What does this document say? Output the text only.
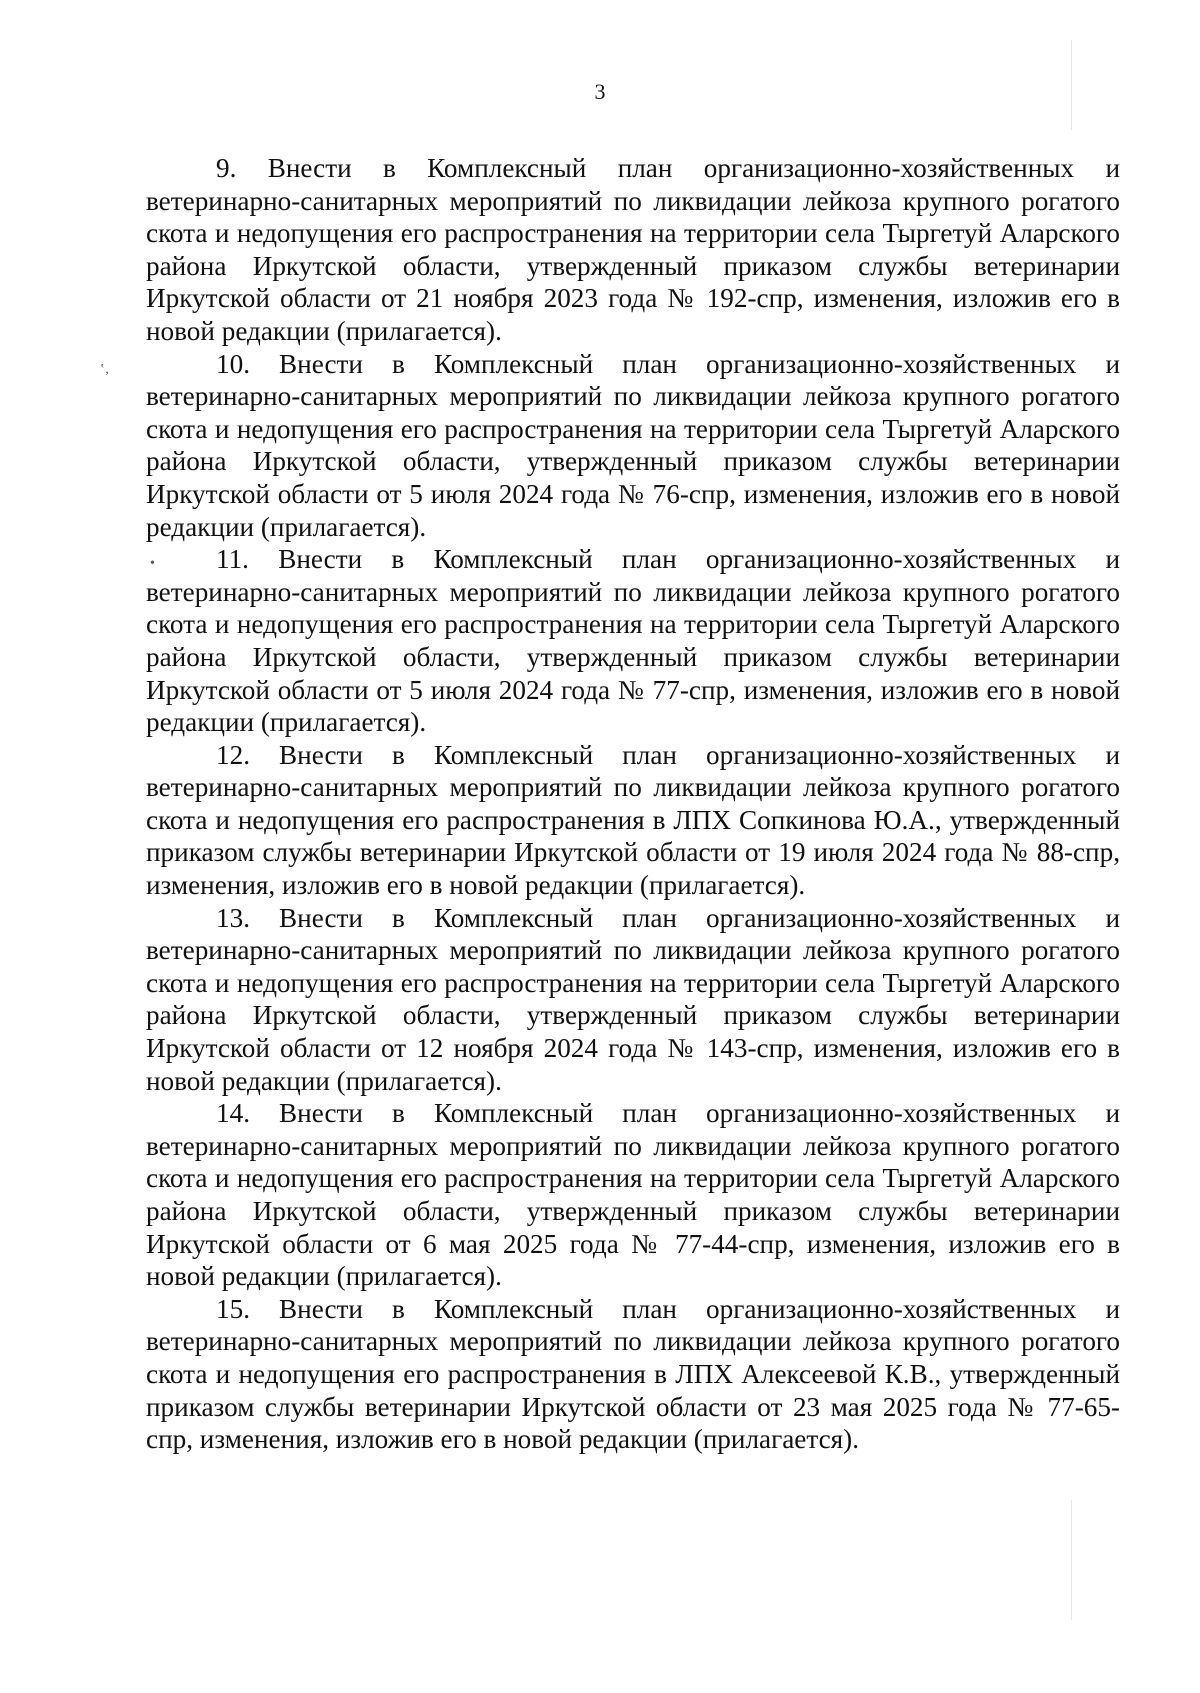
3
‛‚
•

9. Внести в Комплексный план организационно-хозяйственных и ветеринарно-санитарных мероприятий по ликвидации лейкоза крупного рогатого скота и недопущения его распространения на территории села Тыргетуй Аларского района Иркутской области, утвержденный приказом службы ветеринарии Иркутской области от 21 ноября 2023 года № 192-спр, изменения, изложив его в новой редакции (прилагается).

10. Внести в Комплексный план организационно-хозяйственных и ветеринарно-санитарных мероприятий по ликвидации лейкоза крупного рогатого скота и недопущения его распространения на территории села Тыргетуй Аларского района Иркутской области, утвержденный приказом службы ветеринарии Иркутской области от 5 июля 2024 года № 76-спр, изменения, изложив его в новой редакции (прилагается).

11. Внести в Комплексный план организационно-хозяйственных и ветеринарно-санитарных мероприятий по ликвидации лейкоза крупного рогатого скота и недопущения его распространения на территории села Тыргетуй Аларского района Иркутской области, утвержденный приказом службы ветеринарии Иркутской области от 5 июля 2024 года № 77-спр, изменения, изложив его в новой редакции (прилагается).

12. Внести в Комплексный план организационно-хозяйственных и ветеринарно-санитарных мероприятий по ликвидации лейкоза крупного рогатого скота и недопущения его распространения в ЛПХ Сопкинова Ю.А., утвержденный приказом службы ветеринарии Иркутской области от 19 июля 2024 года № 88-спр, изменения, изложив его в новой редакции (прилагается).

13. Внести в Комплексный план организационно-хозяйственных и ветеринарно-санитарных мероприятий по ликвидации лейкоза крупного рогатого скота и недопущения его распространения на территории села Тыргетуй Аларского района Иркутской области, утвержденный приказом службы ветеринарии Иркутской области от 12 ноября 2024 года № 143-спр, изменения, изложив его в новой редакции (прилагается).

14. Внести в Комплексный план организационно-хозяйственных и ветеринарно-санитарных мероприятий по ликвидации лейкоза крупного рогатого скота и недопущения его распространения на территории села Тыргетуй Аларского района Иркутской области, утвержденный приказом службы ветеринарии Иркутской области от 6 мая 2025 года № 77-44-спр, изменения, изложив его в новой редакции (прилагается).

15. Внести в Комплексный план организационно-хозяйственных и ветеринарно-санитарных мероприятий по ликвидации лейкоза крупного рогатого скота и недопущения его распространения в ЛПХ Алексеевой К.В., утвержденный приказом службы ветеринарии Иркутской области от 23 мая 2025 года № 77-65-спр, изменения, изложив его в новой редакции (прилагается).
